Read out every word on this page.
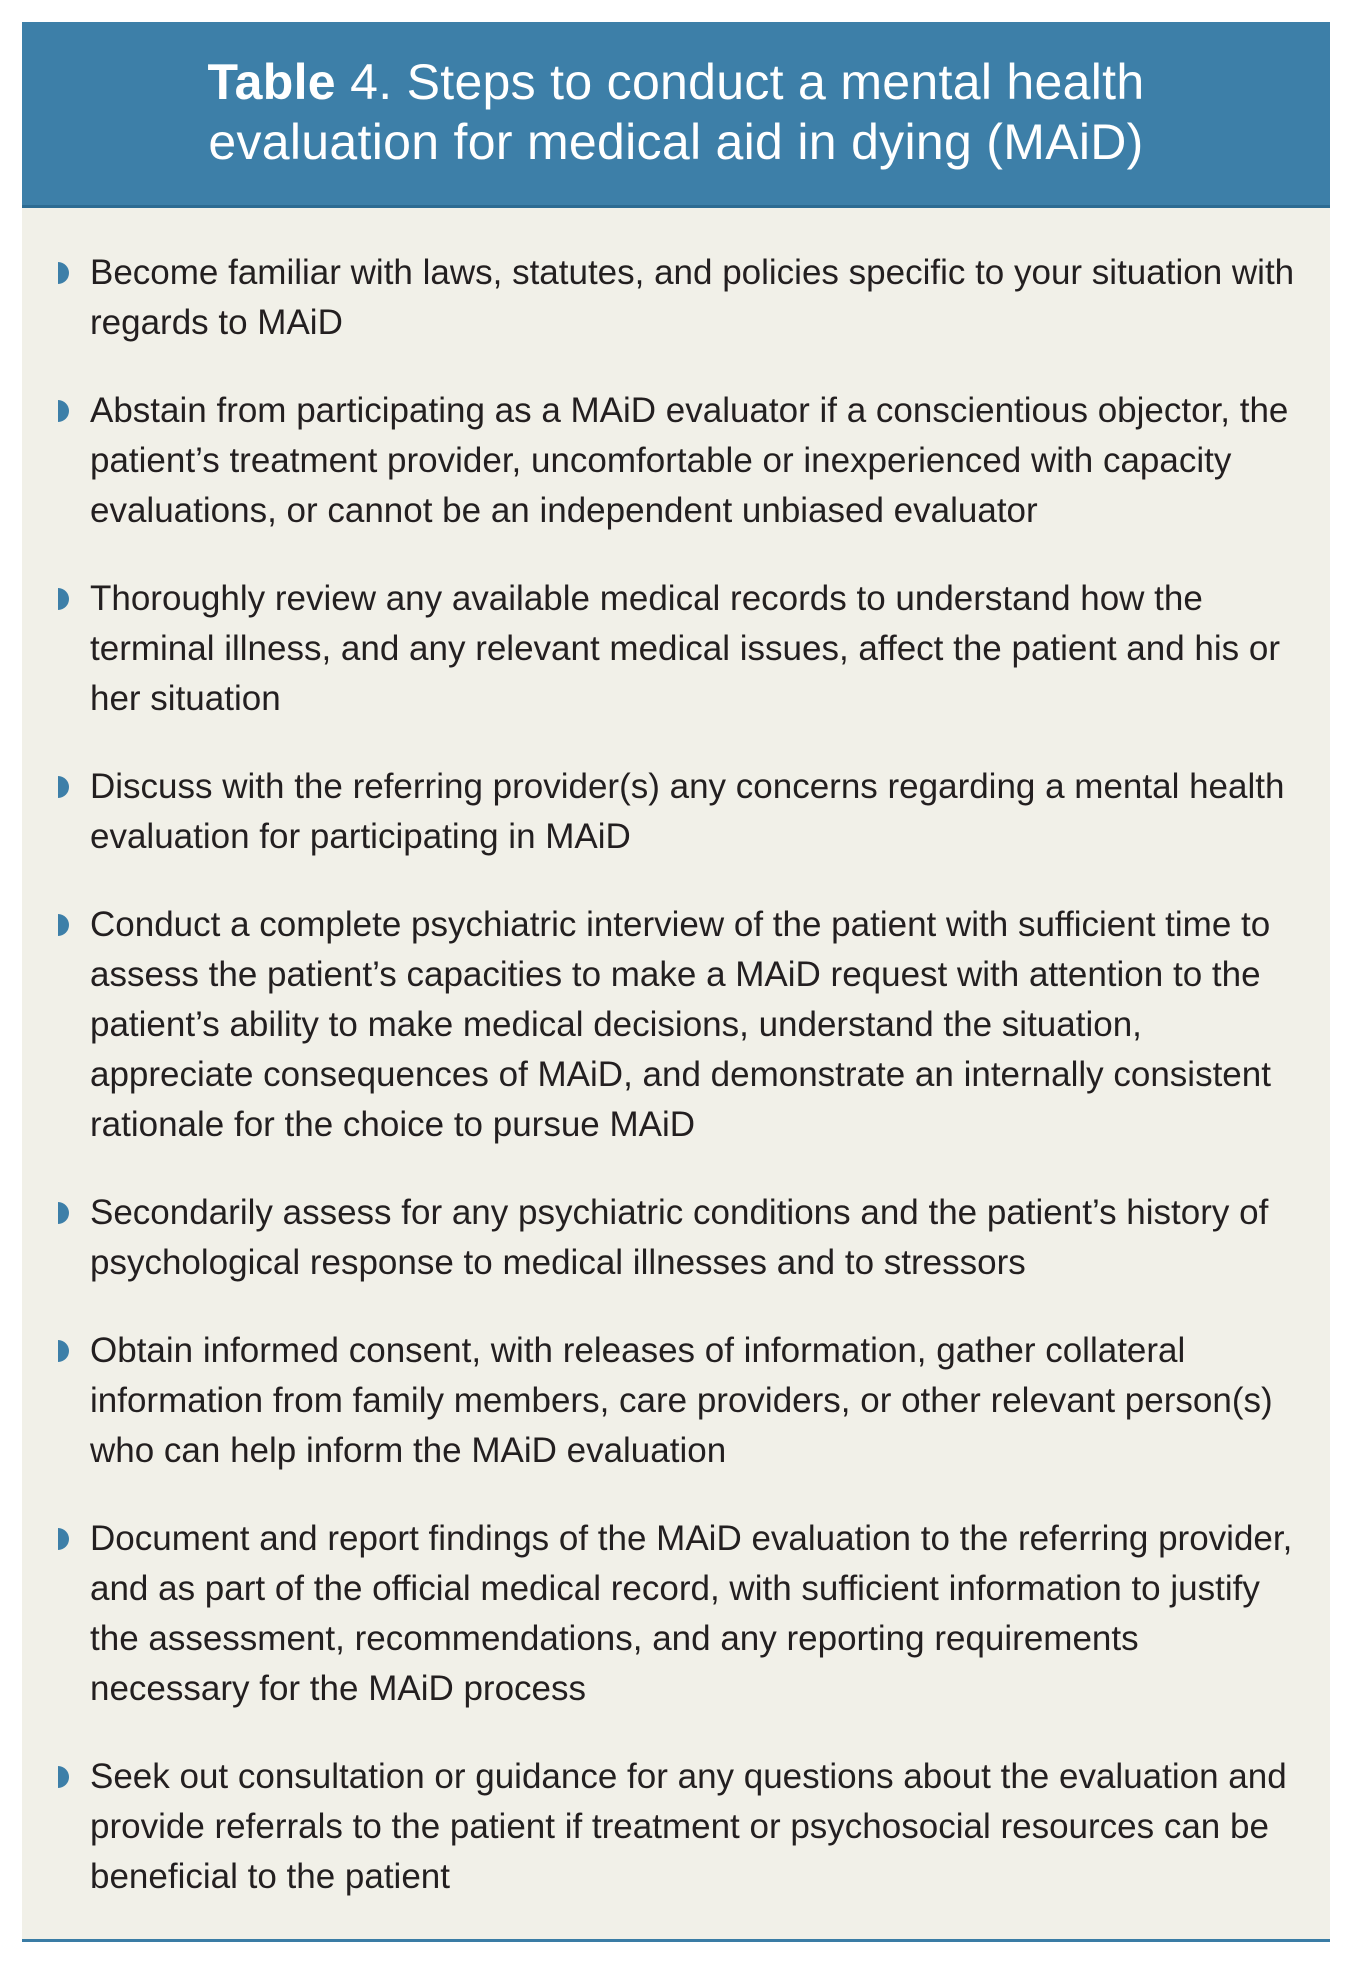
Table 4. Steps to conduct a mental health
evaluation for medical aid in dying (MAiD)
Become familiar with laws, statutes, and policies specific to your situation with regards to MAiD
Abstain from participating as a MAiD evaluator if a conscientious objector, the patient’s treatment provider, uncomfortable or inexperienced with capacity evaluations, or cannot be an independent unbiased evaluator
Thoroughly review any available medical records to understand how the terminal illness, and any relevant medical issues, affect the patient and his or her situation
Discuss with the referring provider(s) any concerns regarding a mental health evaluation for participating in MAiD
Conduct a complete psychiatric interview of the patient with sufficient time to assess the patient’s capacities to make a MAiD request with attention to the patient’s ability to make medical decisions, understand the situation, appreciate consequences of MAiD, and demonstrate an internally consistent rationale for the choice to pursue MAiD
Secondarily assess for any psychiatric conditions and the patient’s history of psychological response to medical illnesses and to stressors
Obtain informed consent, with releases of information, gather collateral information from family members, care providers, or other relevant person(s) who can help inform the MAiD evaluation
Document and report findings of the MAiD evaluation to the referring provider, and as part of the official medical record, with sufficient information to justify the assessment, recommendations, and any reporting requirements necessary for the MAiD process
Seek out consultation or guidance for any questions about the evaluation and provide referrals to the patient if treatment or psychosocial resources can be beneficial to the patient
